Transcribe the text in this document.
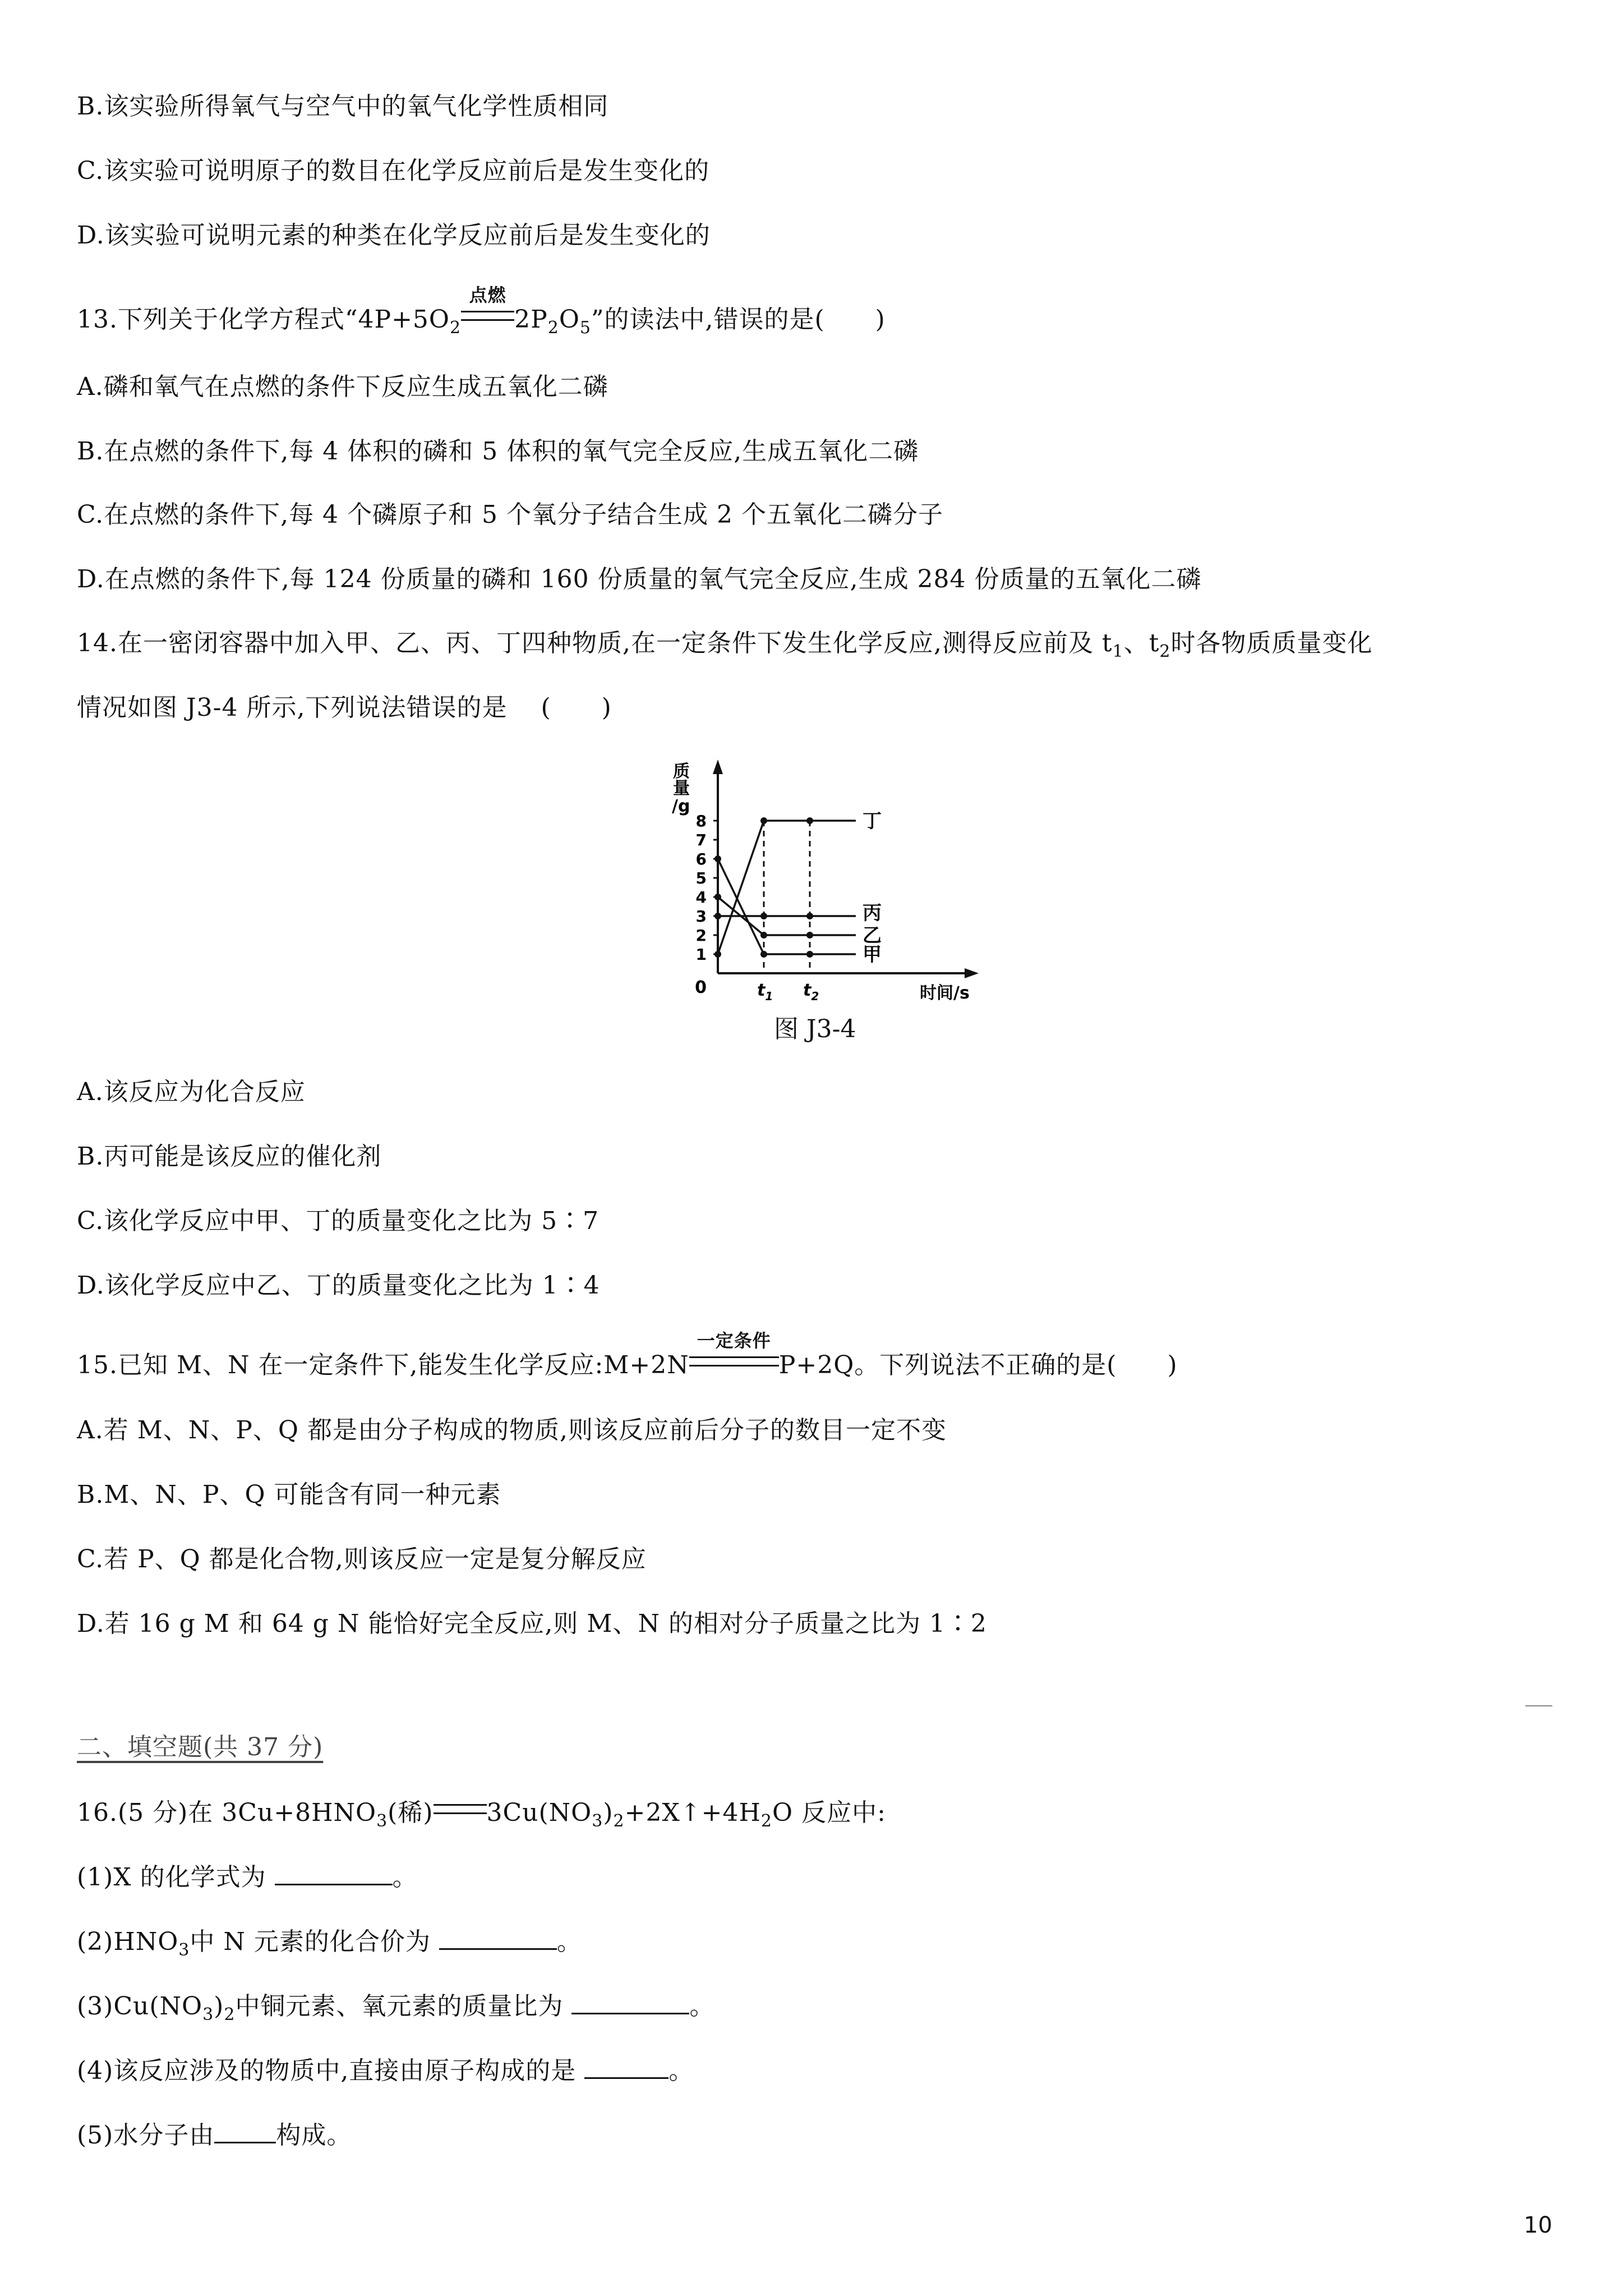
B.该实验所得氧气与空气中的氧气化学性质相同
C.该实验可说明原子的数目在化学反应前后是发生变化的
D.该实验可说明元素的种类在化学反应前后是发生变化的
13.下列关于化学方程式“$4P+5O_2$
点燃
$2P_2O_5$”的读法中,错误的是( )
A.磷和氧气在点燃的条件下反应生成五氧化二磷
B.在点燃的条件下,每 4 体积的磷和 5 体积的氧气完全反应,生成五氧化二磷
C.在点燃的条件下,每 4 个磷原子和 5 个氧分子结合生成 2 个五氧化二磷分子
D.在点燃的条件下,每 124 份质量的磷和 160 份质量的氧气完全反应,生成 284 份质量的五氧化二磷
14.在一密闭容器中加入甲、乙、丙、丁四种物质,在一定条件下发生化学反应,测得反应前及 $t_1$、$t_2$时各物质质量变化
情况如图 J3-4 所示,下列说法错误的是 ( )
质
量
/g
0	时间/s
1
2
3
4
5
6
7
8
$t_1$ $t_2$
丁
丙
乙
甲
图 J3-4
A.该反应为化合反应
B.丙可能是该反应的催化剂
C.该化学反应中甲、丁的质量变化之比为 5∶7
D.该化学反应中乙、丁的质量变化之比为 1∶4
15.已知 M、N 在一定条件下,能发生化学反应:M+2N
一定条件
P+2Q。下列说法不正确的是( )
A.若 M、N、P、Q 都是由分子构成的物质,则该反应前后分子的数目一定不变
B.M、N、P、Q 可能含有同一种元素
C.若 P、Q 都是化合物,则该反应一定是复分解反应
D.若 16 g M 和 64 g N 能恰好完全反应,则 M、N 的相对分子质量之比为 1∶2
二、填空题(共 37 分)
16.(5 分)在 $3Cu+8HNO_3$(稀) $3Cu(NO_3)_2+2X↑+4H_2O$ 反应中:
(1)X 的化学式为	。
$(2)HNO_3$中 N 元素的化合价为	。
$(3)Cu(NO_3)_2$中铜元素、氧元素的质量比为	。
(4)该反应涉及的物质中,直接由原子构成的是	。
(5)水分子由	构成。
10
